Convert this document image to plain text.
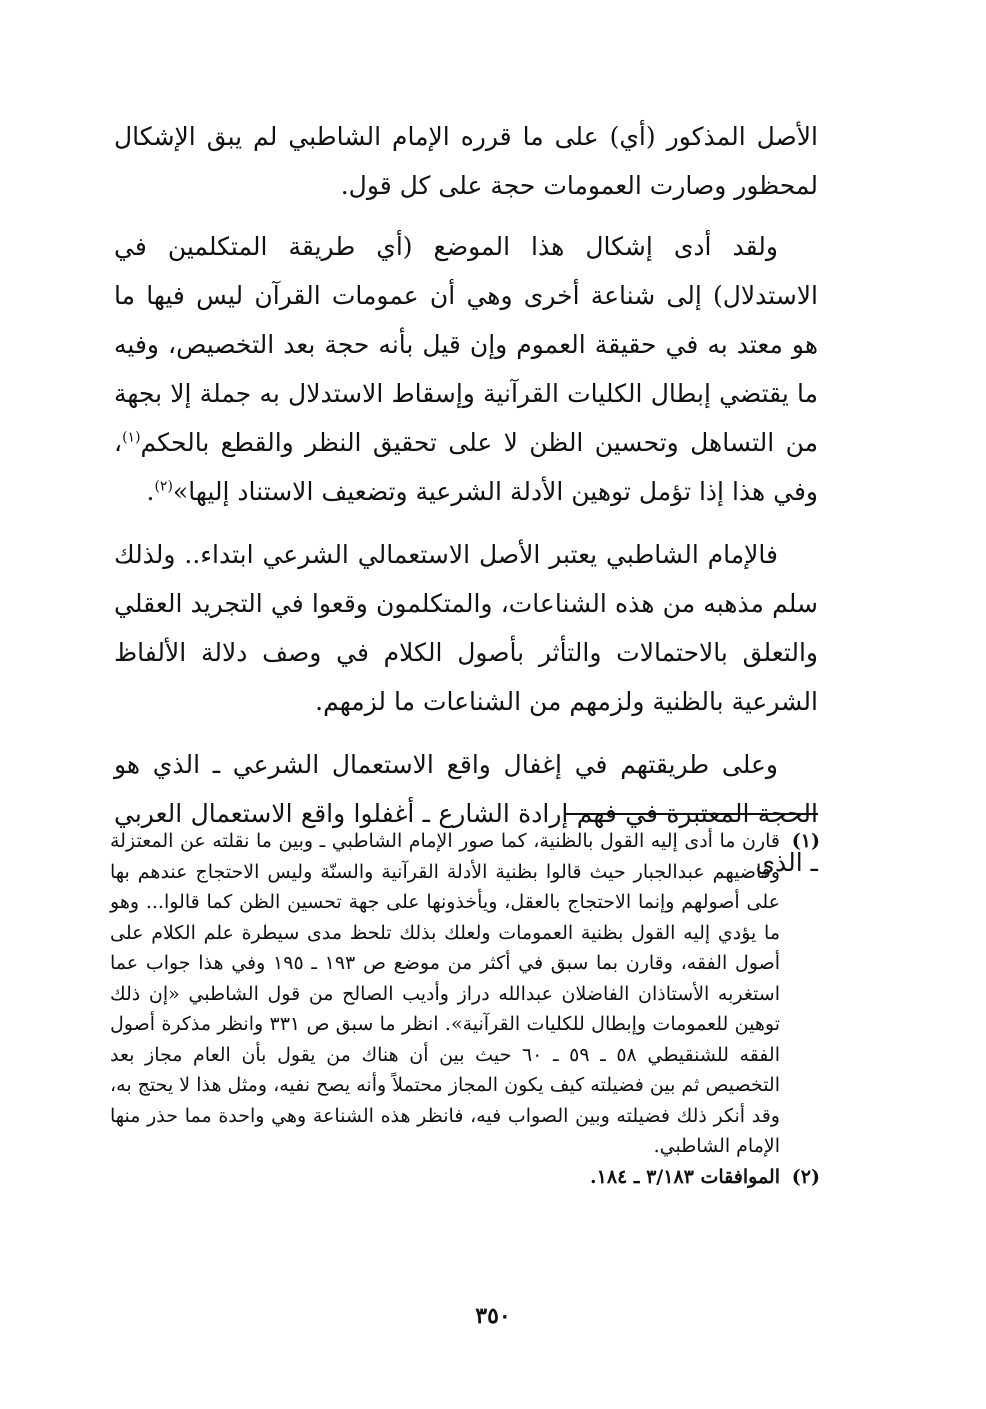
الأصل المذكور (أي) على ما قرره الإمام الشاطبي لم يبق الإشكال لمحظور وصارت العمومات حجة على كل قول.

ولقد أدى إشكال هذا الموضع (أي طريقة المتكلمين في الاستدلال) إلى شناعة أخرى وهي أن عمومات القرآن ليس فيها ما هو معتد به في حقيقة العموم وإن قيل بأنه حجة بعد التخصيص، وفيه ما يقتضي إبطال الكليات القرآنية وإسقاط الاستدلال به جملة إلا بجهة من التساهل وتحسين الظن لا على تحقيق النظر والقطع بالحكم$^{(١)}$، وفي هذا إذا تؤمل توهين الأدلة الشرعية وتضعيف الاستناد إليها»$^{(٢)}$.

فالإمام الشاطبي يعتبر الأصل الاستعمالي الشرعي ابتداء.. ولذلك سلم مذهبه من هذه الشناعات، والمتكلمون وقعوا في التجريد العقلي والتعلق بالاحتمالات والتأثر بأصول الكلام في وصف دلالة الألفاظ الشرعية بالظنية ولزمهم من الشناعات ما لزمهم.

وعلى طريقتهم في إغفال واقع الاستعمال الشرعي ـ الذي هو الحجة المعتبرة في فهم إرادة الشارع ـ أغفلوا واقع الاستعمال العربي ـ الذي

(١)
قارن ما أدى إليه القول بالظنية، كما صور الإمام الشاطبي ـ وبين ما نقلته عن المعتزلة وقاضيهم عبدالجبار حيث قالوا بظنية الأدلة القرآنية والسنّة وليس الاحتجاج عندهم بها على أصولهم وإنما الاحتجاج بالعقل، ويأخذونها على جهة تحسين الظن كما قالوا... وهو ما يؤدي إليه القول بظنية العمومات ولعلك بذلك تلحظ مدى سيطرة علم الكلام على أصول الفقه، وقارن بما سبق في أكثر من موضع ص ١٩٣ ـ ١٩٥ وفي هذا جواب عما استغربه الأستاذان الفاضلان عبدالله دراز وأديب الصالح من قول الشاطبي «إن ذلك توهين للعمومات وإبطال للكليات القرآنية». انظر ما سبق ص ٣٣١ وانظر مذكرة أصول الفقه للشنقيطي ٥٨ ـ ٥٩ ـ ٦٠ حيث بين أن هناك من يقول بأن العام مجاز بعد التخصيص ثم بين فضيلته كيف يكون المجاز محتملاً وأنه يصح نفيه، ومثل هذا لا يحتج به، وقد أنكر ذلك فضيلته وبين الصواب فيه، فانظر هذه الشناعة وهي واحدة مما حذر منها الإمام الشاطبي.
(٢)
الموافقات ٣/١٨٣ ـ ١٨٤.
٣٥٠
